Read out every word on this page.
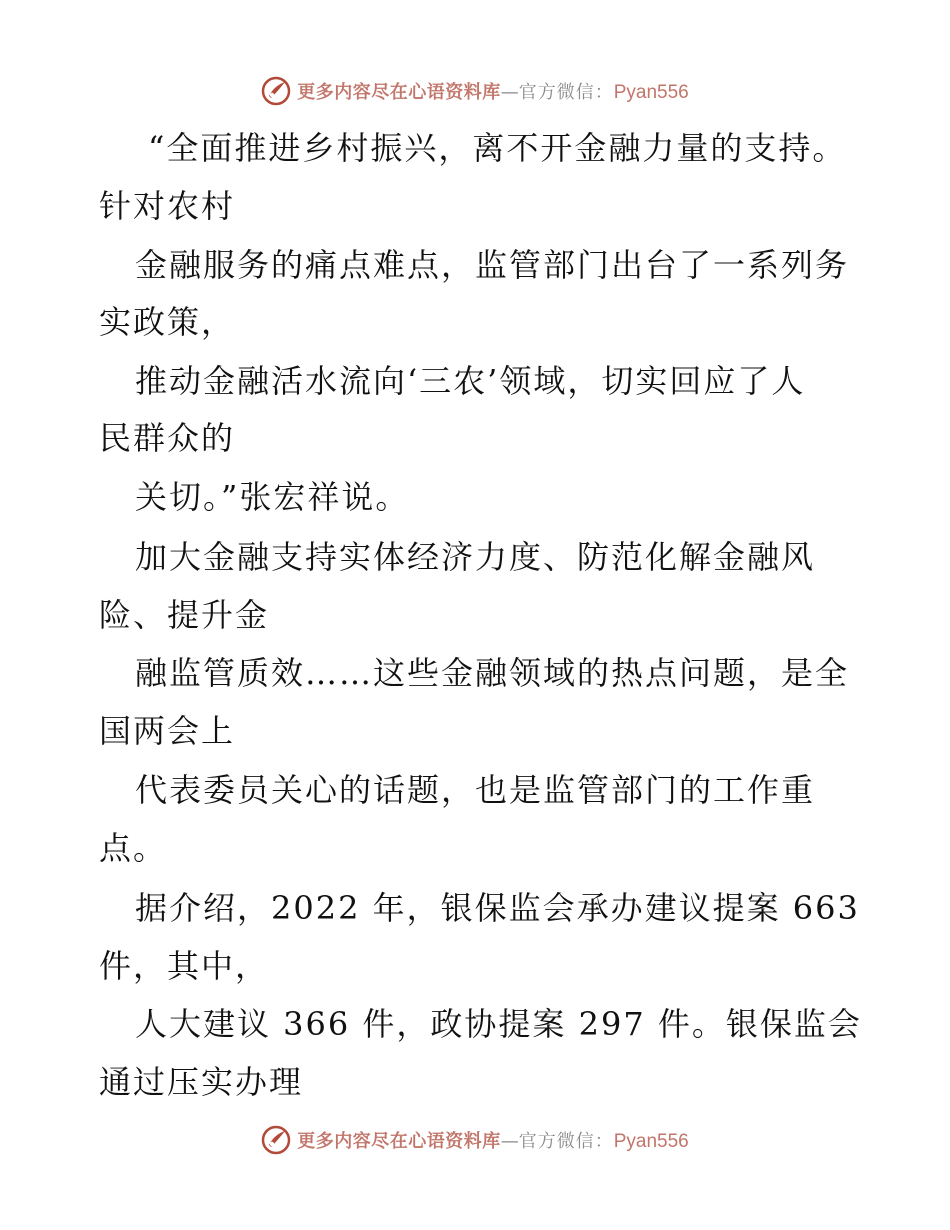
更多内容尽在心语资料库—官方微信：Pyan556
“全面推进乡村振兴，离不开金融力量的支持。
针对农村
金融服务的痛点难点，监管部门出台了一系列务
实政策，
推动金融活水流向‘三农’领域，切实回应了人
民群众的
关切。”张宏祥说。
加大金融支持实体经济力度、防范化解金融风
险、提升金
融监管质效……这些金融领域的热点问题，是全
国两会上
代表委员关心的话题，也是监管部门的工作重
点。
据介绍，2022 年，银保监会承办建议提案 663
件，其中，
人大建议 366 件，政协提案 297 件。银保监会
通过压实办理
更多内容尽在心语资料库—官方微信：Pyan556
